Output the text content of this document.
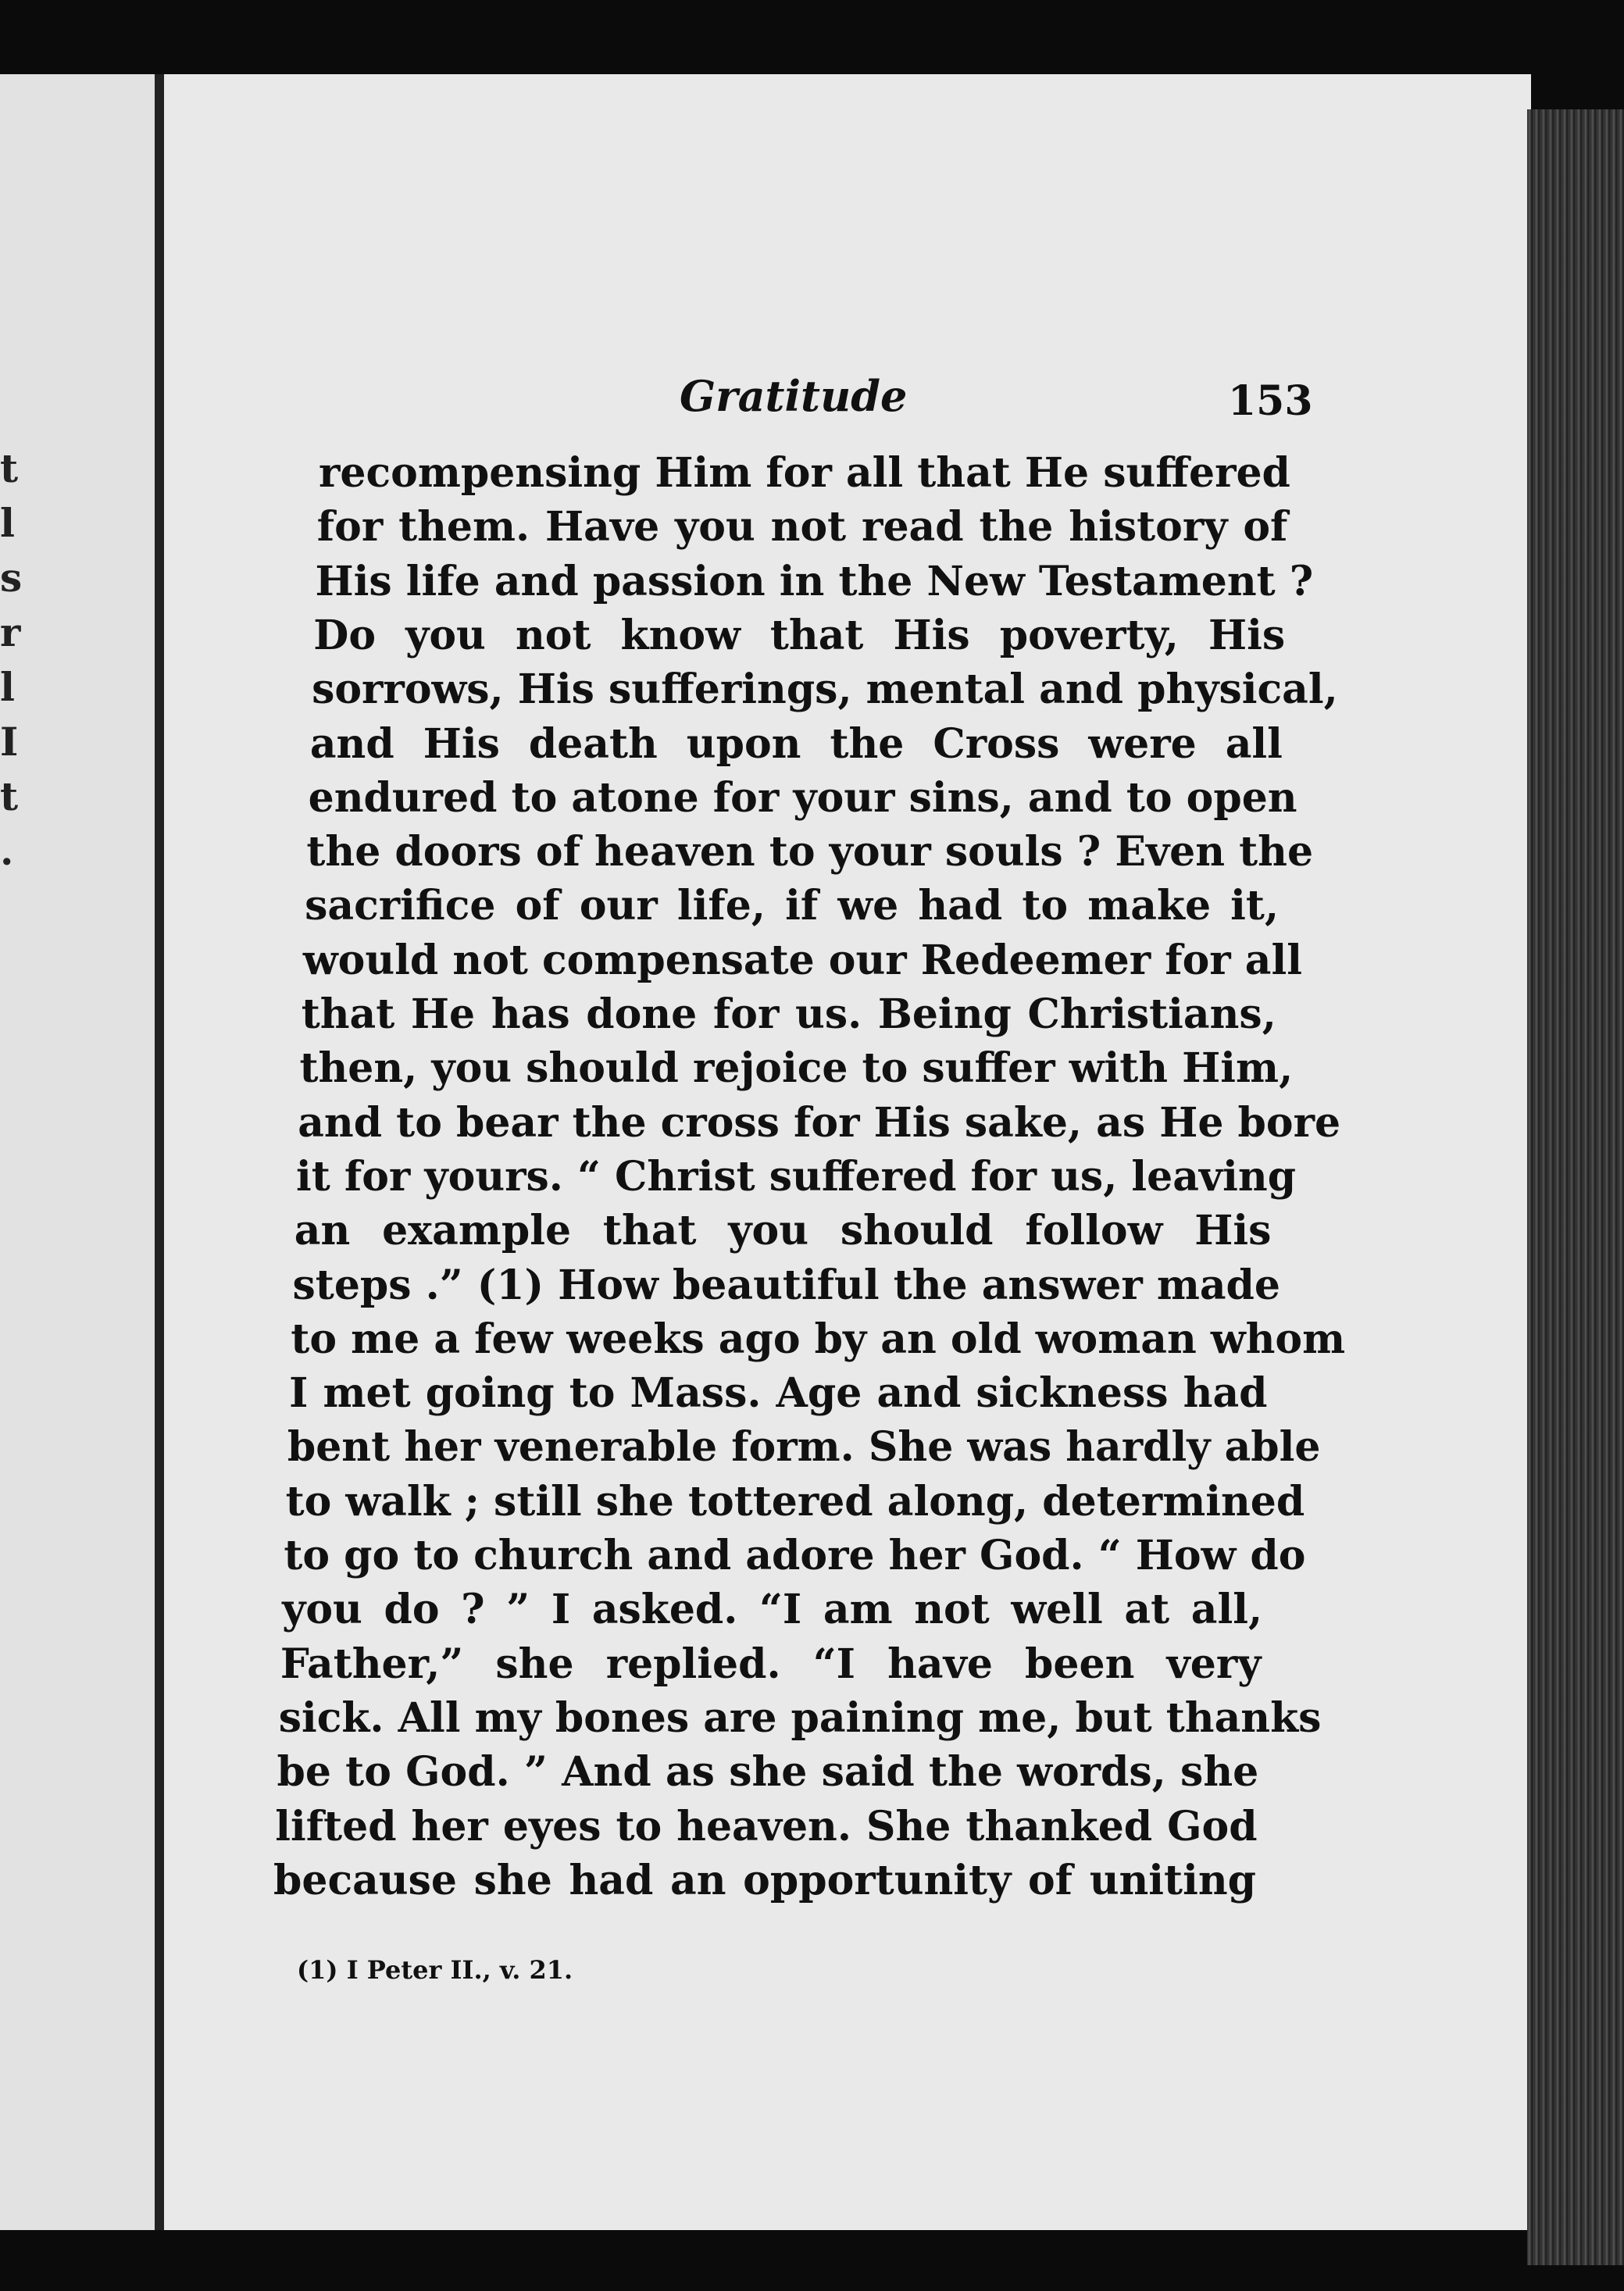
t
l
s
r
l
I
t
.
Gratitude	153
recompensing Him for all that He suffered
for them. Have you not read the history of
His life and passion in the New Testament ?
Do you not know that His poverty, His
sorrows, His sufferings, mental and physical,
and His death upon the Cross were all
endured to atone for your sins, and to open
the doors of heaven to your souls ? Even the
sacrifice of our life, if we had to make it,
would not compensate our Redeemer for all
that He has done for us. Being Christians,
then, you should rejoice to suffer with Him,
and to bear the cross for His sake, as He bore
it for yours. “ Christ suffered for us, leaving
an example that you should follow His
steps .” (1) How beautiful the answer made
to me a few weeks ago by an old woman whom
I met going to Mass. Age and sickness had
bent her venerable form. She was hardly able
to walk ; still she tottered along, determined
to go to church and adore her God. “ How do
you do ? ” I asked. “I am not well at all,
Father,” she replied. “I have been very
sick. All my bones are paining me, but thanks
be to God. ” And as she said the words, she
lifted her eyes to heaven. She thanked God
because she had an opportunity of uniting
(1) I Peter II., v. 21.
